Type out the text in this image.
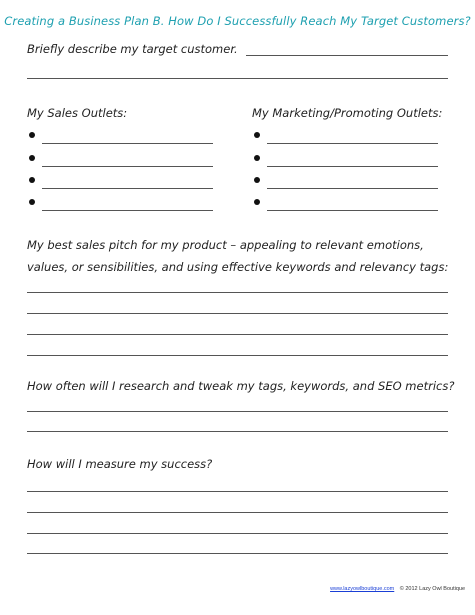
Creating a Business Plan B. How Do I Successfully Reach My Target Customers?
Briefly describe my target customer.
My Sales Outlets:	My Marketing/Promoting Outlets:
My best sales pitch for my product – appealing to relevant emotions,
values, or sensibilities, and using effective keywords and relevancy tags:
How often will I research and tweak my tags, keywords, and SEO metrics?
How will I measure my success?
www.lazyowlboutique.com © 2012 Lazy Owl Boutique
